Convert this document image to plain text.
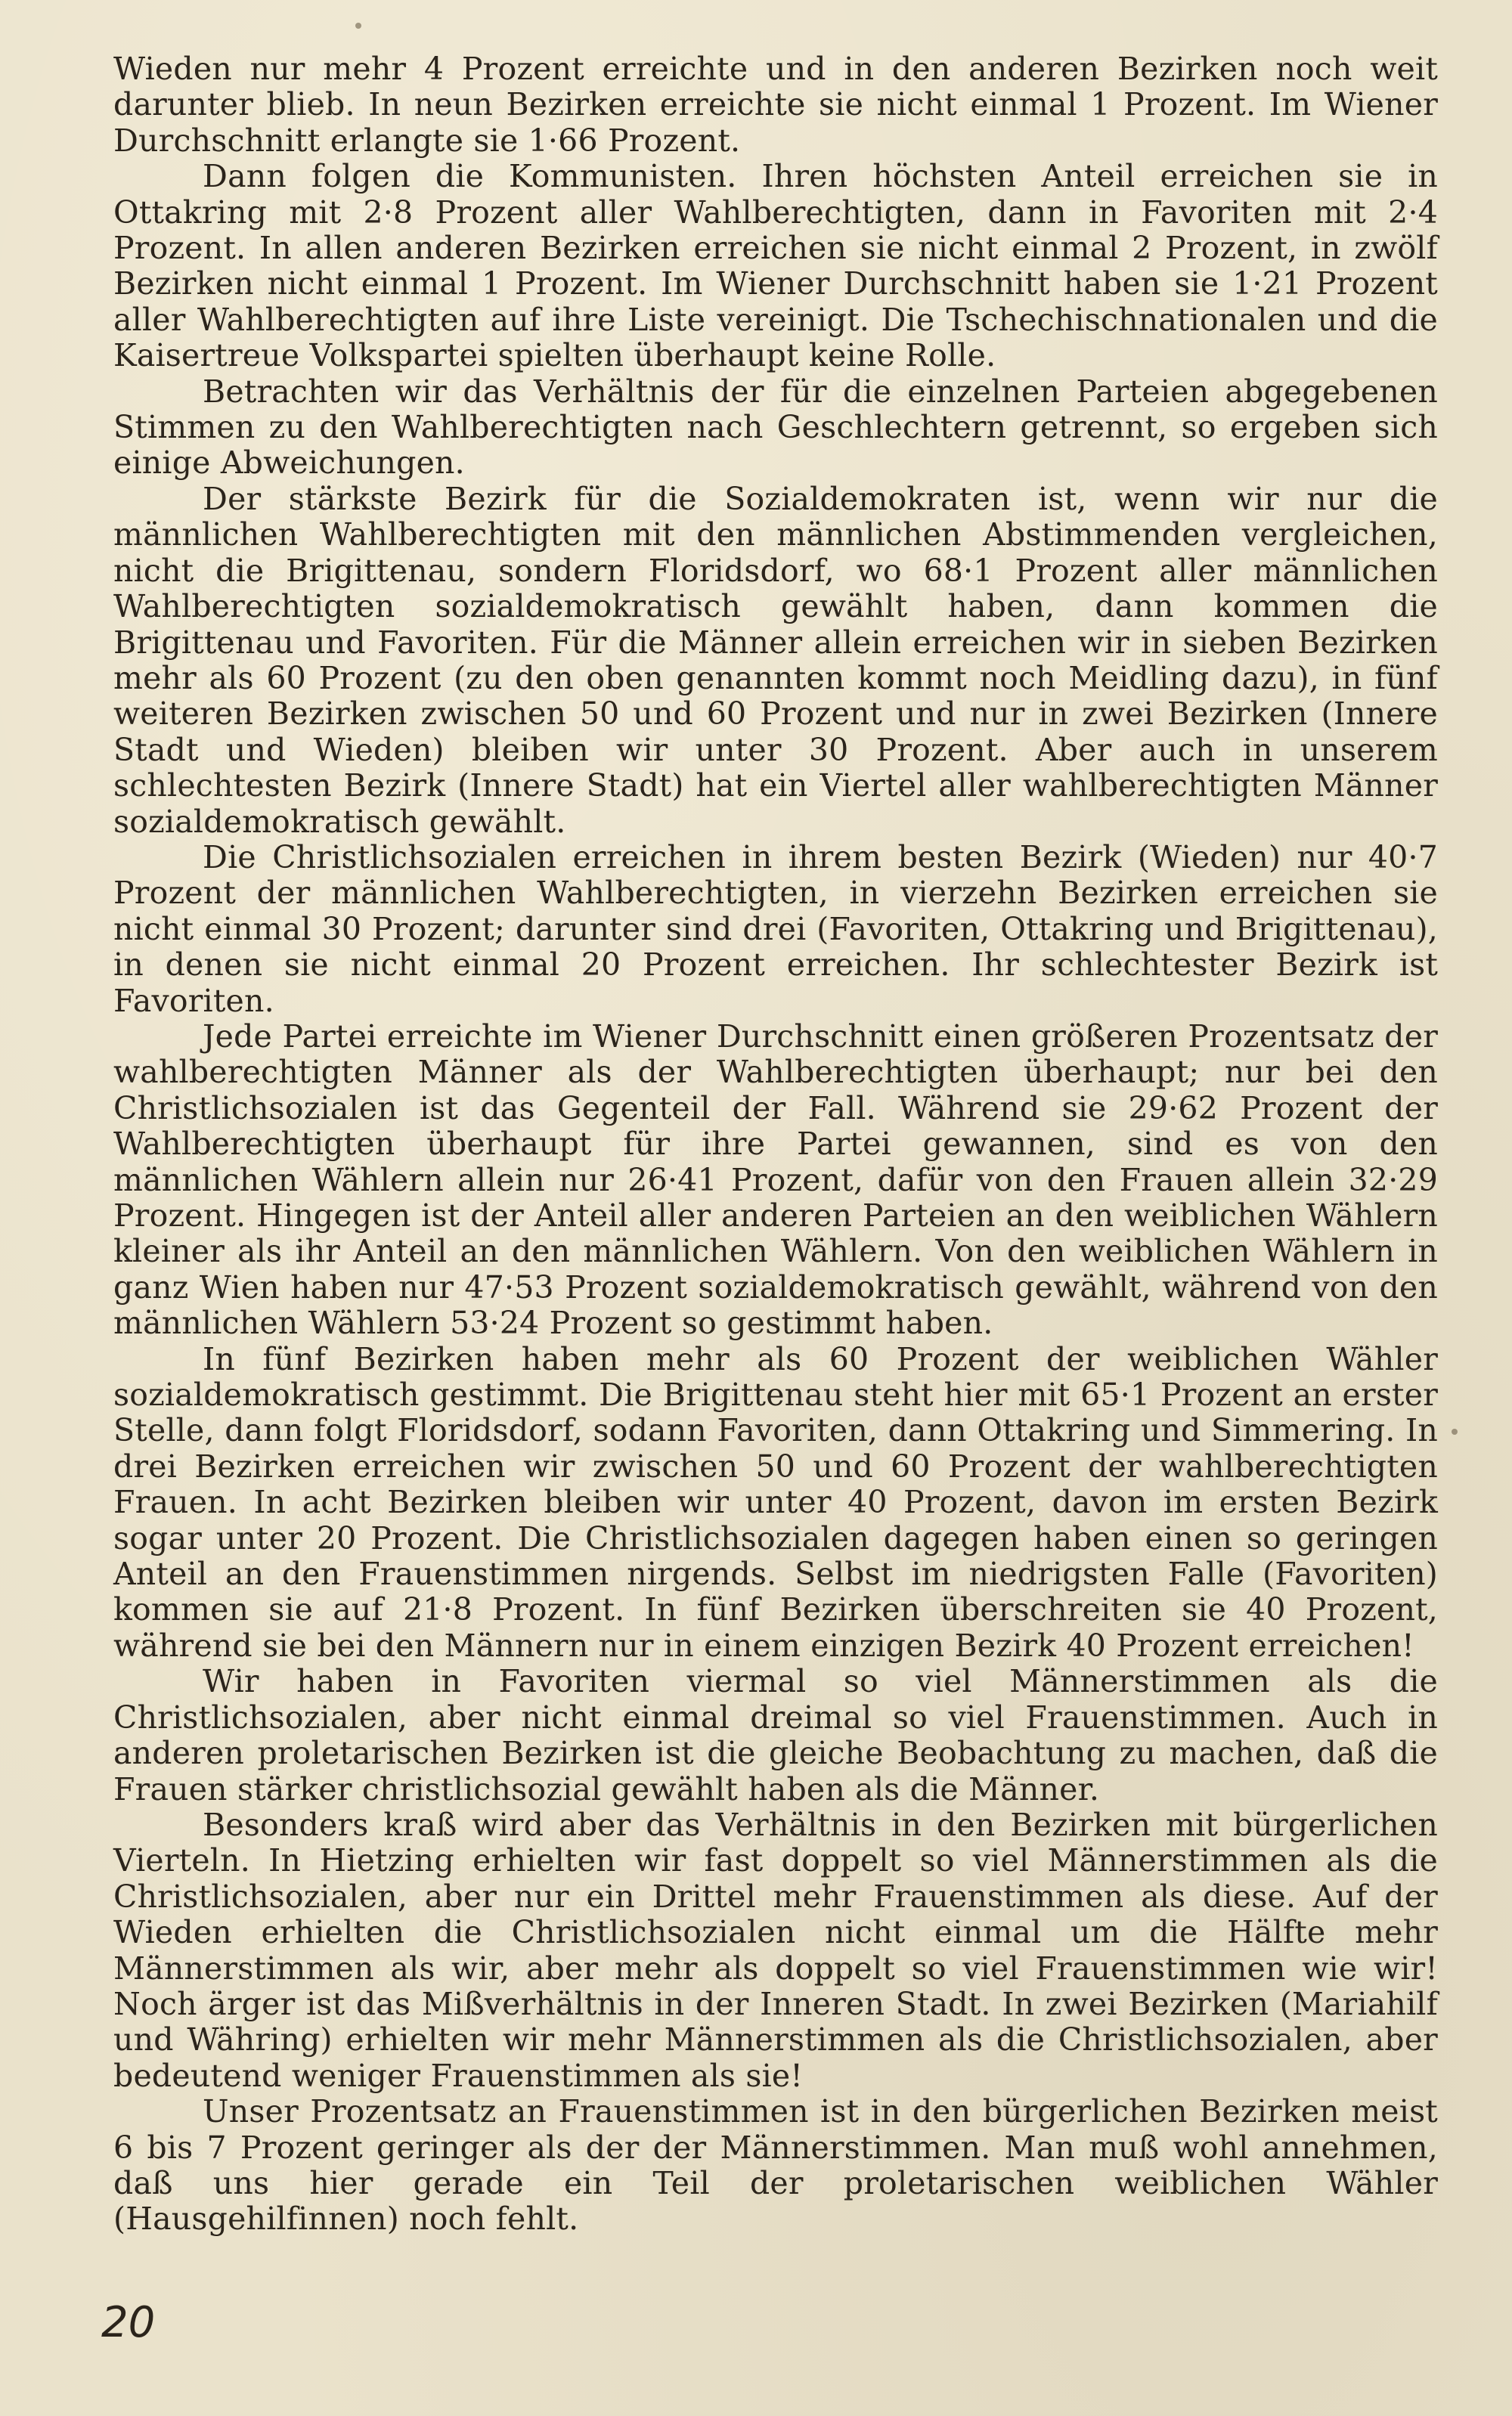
Wieden nur mehr 4 Prozent erreichte und in den anderen Bezirken noch weit darunter blieb. In neun Bezirken erreichte sie nicht einmal 1 Prozent. Im Wiener Durchschnitt erlangte sie 1·66 Prozent.

Dann folgen die Kommunisten. Ihren höchsten Anteil erreichen sie in Ottakring mit 2·8 Prozent aller Wahlberechtigten, dann in Favoriten mit 2·4 Prozent. In allen anderen Bezirken erreichen sie nicht einmal 2 Prozent, in zwölf Bezirken nicht einmal 1 Prozent. Im Wiener Durchschnitt haben sie 1·21 Prozent aller Wahlberechtigten auf ihre Liste vereinigt. Die Tschechischnationalen und die Kaisertreue Volkspartei spielten überhaupt keine Rolle.

Betrachten wir das Verhältnis der für die einzelnen Parteien abgegebenen Stimmen zu den Wahlberechtigten nach Geschlechtern getrennt, so ergeben sich einige Abweichungen.

Der stärkste Bezirk für die Sozialdemokraten ist, wenn wir nur die männlichen Wahlberechtigten mit den männlichen Abstimmenden vergleichen, nicht die Brigittenau, sondern Floridsdorf, wo 68·1 Prozent aller männlichen Wahlberechtigten sozialdemokratisch gewählt haben, dann kommen die Brigittenau und Favoriten. Für die Männer allein erreichen wir in sieben Bezirken mehr als 60 Prozent (zu den oben genannten kommt noch Meidling dazu), in fünf weiteren Bezirken zwischen 50 und 60 Prozent und nur in zwei Bezirken (Innere Stadt und Wieden) bleiben wir unter 30 Prozent. Aber auch in unserem schlechtesten Bezirk (Innere Stadt) hat ein Viertel aller wahlberechtigten Männer sozialdemokratisch gewählt.

Die Christlichsozialen erreichen in ihrem besten Bezirk (Wieden) nur 40·7 Prozent der männlichen Wahlberechtigten, in vierzehn Bezirken erreichen sie nicht einmal 30 Prozent; darunter sind drei (Favoriten, Ottakring und Brigittenau), in denen sie nicht einmal 20 Prozent erreichen. Ihr schlechtester Bezirk ist Favoriten.

Jede Partei erreichte im Wiener Durchschnitt einen größeren Prozentsatz der wahlberechtigten Männer als der Wahlberechtigten überhaupt; nur bei den Christlichsozialen ist das Gegenteil der Fall. Während sie 29·62 Prozent der Wahlberechtigten überhaupt für ihre Partei gewannen, sind es von den männlichen Wählern allein nur 26·41 Prozent, dafür von den Frauen allein 32·29 Prozent. Hingegen ist der Anteil aller anderen Parteien an den weiblichen Wählern kleiner als ihr Anteil an den männlichen Wählern. Von den weiblichen Wählern in ganz Wien haben nur 47·53 Prozent sozialdemokratisch gewählt, während von den männlichen Wählern 53·24 Prozent so gestimmt haben.

In fünf Bezirken haben mehr als 60 Prozent der weiblichen Wähler sozialdemokratisch gestimmt. Die Brigittenau steht hier mit 65·1 Prozent an erster Stelle, dann folgt Floridsdorf, sodann Favoriten, dann Ottakring und Simmering. In drei Bezirken erreichen wir zwischen 50 und 60 Prozent der wahlberechtigten Frauen. In acht Bezirken bleiben wir unter 40 Prozent, davon im ersten Bezirk sogar unter 20 Prozent. Die Christlichsozialen dagegen haben einen so geringen Anteil an den Frauenstimmen nirgends. Selbst im niedrigsten Falle (Favoriten) kommen sie auf 21·8 Prozent. In fünf Bezirken überschreiten sie 40 Prozent, während sie bei den Männern nur in einem einzigen Bezirk 40 Prozent erreichen!

Wir haben in Favoriten viermal so viel Männerstimmen als die Christlichsozialen, aber nicht einmal dreimal so viel Frauenstimmen. Auch in anderen proletarischen Bezirken ist die gleiche Beobachtung zu machen, daß die Frauen stärker christlichsozial gewählt haben als die Männer.

Besonders kraß wird aber das Verhältnis in den Bezirken mit bürgerlichen Vierteln. In Hietzing erhielten wir fast doppelt so viel Männerstimmen als die Christlichsozialen, aber nur ein Drittel mehr Frauenstimmen als diese. Auf der Wieden erhielten die Christlichsozialen nicht einmal um die Hälfte mehr Männerstimmen als wir, aber mehr als doppelt so viel Frauenstimmen wie wir! Noch ärger ist das Mißverhältnis in der Inneren Stadt. In zwei Bezirken (Mariahilf und Währing) erhielten wir mehr Männerstimmen als die Christlichsozialen, aber bedeutend weniger Frauenstimmen als sie!

Unser Prozentsatz an Frauenstimmen ist in den bürgerlichen Bezirken meist 6 bis 7 Prozent geringer als der der Männerstimmen. Man muß wohl annehmen, daß uns hier gerade ein Teil der proletarischen weiblichen Wähler (Hausgehilfinnen) noch fehlt.

20
